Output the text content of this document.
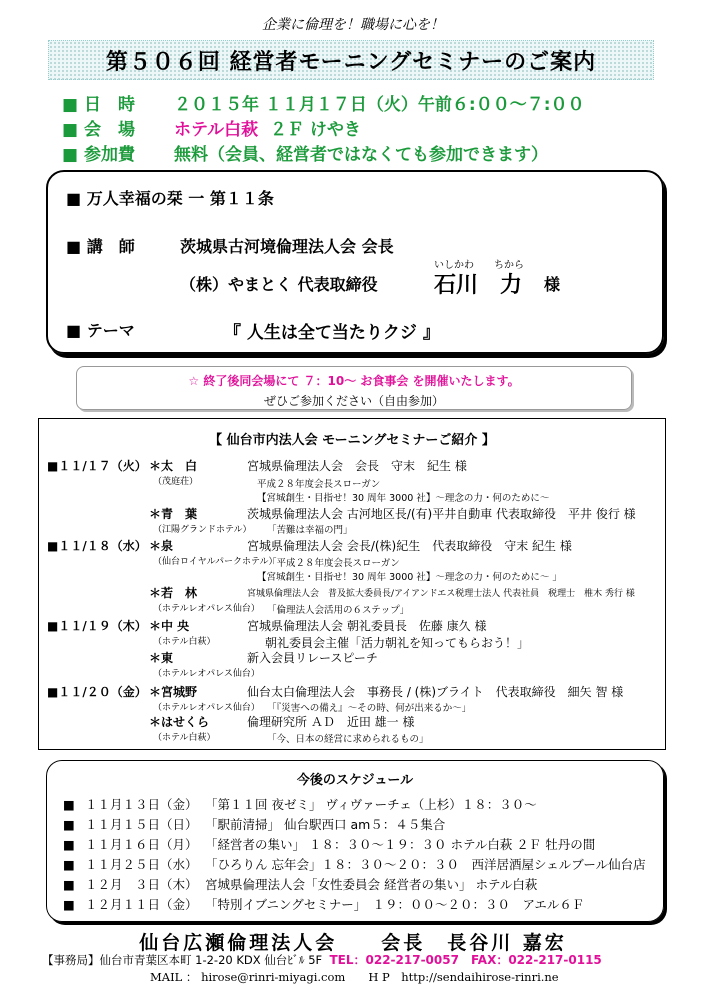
企業に倫理を！職場に心を！
第５０６回 経営者モーニングセミナーのご案内
■ 日　時 ２０１５年 １１月１７日（火）午前６:００～７:００
■ 会　場 ホテル白萩 ２Ｆ けやき
■ 参加費 無料（会員、経営者ではなくても参加できます）
■ 万人幸福の栞 一 第１１条
■ 講　師	茨城県古河境倫理法人会 会長
（株）やまとく 代表取締役
いしかわ ちから
石川　力 様
■ テーマ	『 人生は全て当たりクジ 』
☆ 終了後同会場にて ７：10～ お食事会 を開催いたします。
ぜひご参加ください（自由参加）
【 仙台市内法人会 モーニングセミナーご紹介 】
■１１/１７（火） ＊太　白
（茂庭荘）
宮城県倫理法人会　会長　守末　紀生 様
平成２８年度会長スローガン
【宮城創生・目指せ！30 周年 3000 社】～理念の力・何のために～
＊青　葉
（江陽グランドホテル）
茨城県倫理法人会 古河地区長/(有)平井自動車 代表取締役　平井 俊行 様
「苦難は幸福の門」
■１１/１８（水） ＊泉
（仙台ロイヤルパークホテル）
宮城県倫理法人会 会長/(株)紀生　代表取締役　守末 紀生 様
「平成２８年度会長スローガン
【宮城創生・目指せ！30 周年 3000 社】～理念の力・何のために～ 」
＊若　林
（ホテルレオパレス仙台）
宮城県倫理法人会　普及拡大委員長/アイアンドエス税理士法人 代表社員　税理士　椎木 秀行 様
「倫理法人会活用の６ステップ」
■１１/１９（木） ＊中 央
（ホテル白萩）
宮城県倫理法人会 朝礼委員長　佐藤 康久 様
朝礼委員会主催「活力朝礼を知ってもらおう！」
＊東
（ホテルレオパレス仙台）
新入会員リレースピーチ
■１１/２０（金） ＊宮城野
（ホテルレオパレス仙台）
仙台太白倫理法人会　事務長 / (株)ブライト　代表取締役　細矢 智 様
「『災害への備え』～その時、何が出来るか～」
＊はせくら
（ホテル白萩）
倫理研究所 ＡＤ　近田 雄一 様
「今、日本の経営に求められるもの」
今後のスケジュール
■ １１月１３日（金） 「第１１回 夜ゼミ」 ヴィヴァーチェ（上杉）１８：３０～
■ １１月１５日（日） 「駅前清掃」 仙台駅西口 am５：４５集合
■ １１月１６日（月） 「経営者の集い」 １８：３０～１９：３０ ホテル白萩 ２Ｆ 牡丹の間
■ １１月２５日（水） 「ひろりん 忘年会」１８：３０～２０：３０　西洋居酒屋シェルブール仙台店
■ １２月　３日（木） 宮城県倫理法人会「女性委員会 経営者の集い」 ホテル白萩
■ １２月１１日（金） 「特別イブニングセミナー」　１９：００～２０：３０　アエル６Ｆ
仙台広瀬倫理法人会　　会長　長谷川 嘉宏
【事務局】仙台市青葉区本町 1-2-20 KDX 仙台ﾋﾞﾙ 5F TEL：022-217-0057　FAX：022-217-0115
MAIL ： hirose@rinri-miyagi.com　　H P　http://sendaihirose-rinri.ne
